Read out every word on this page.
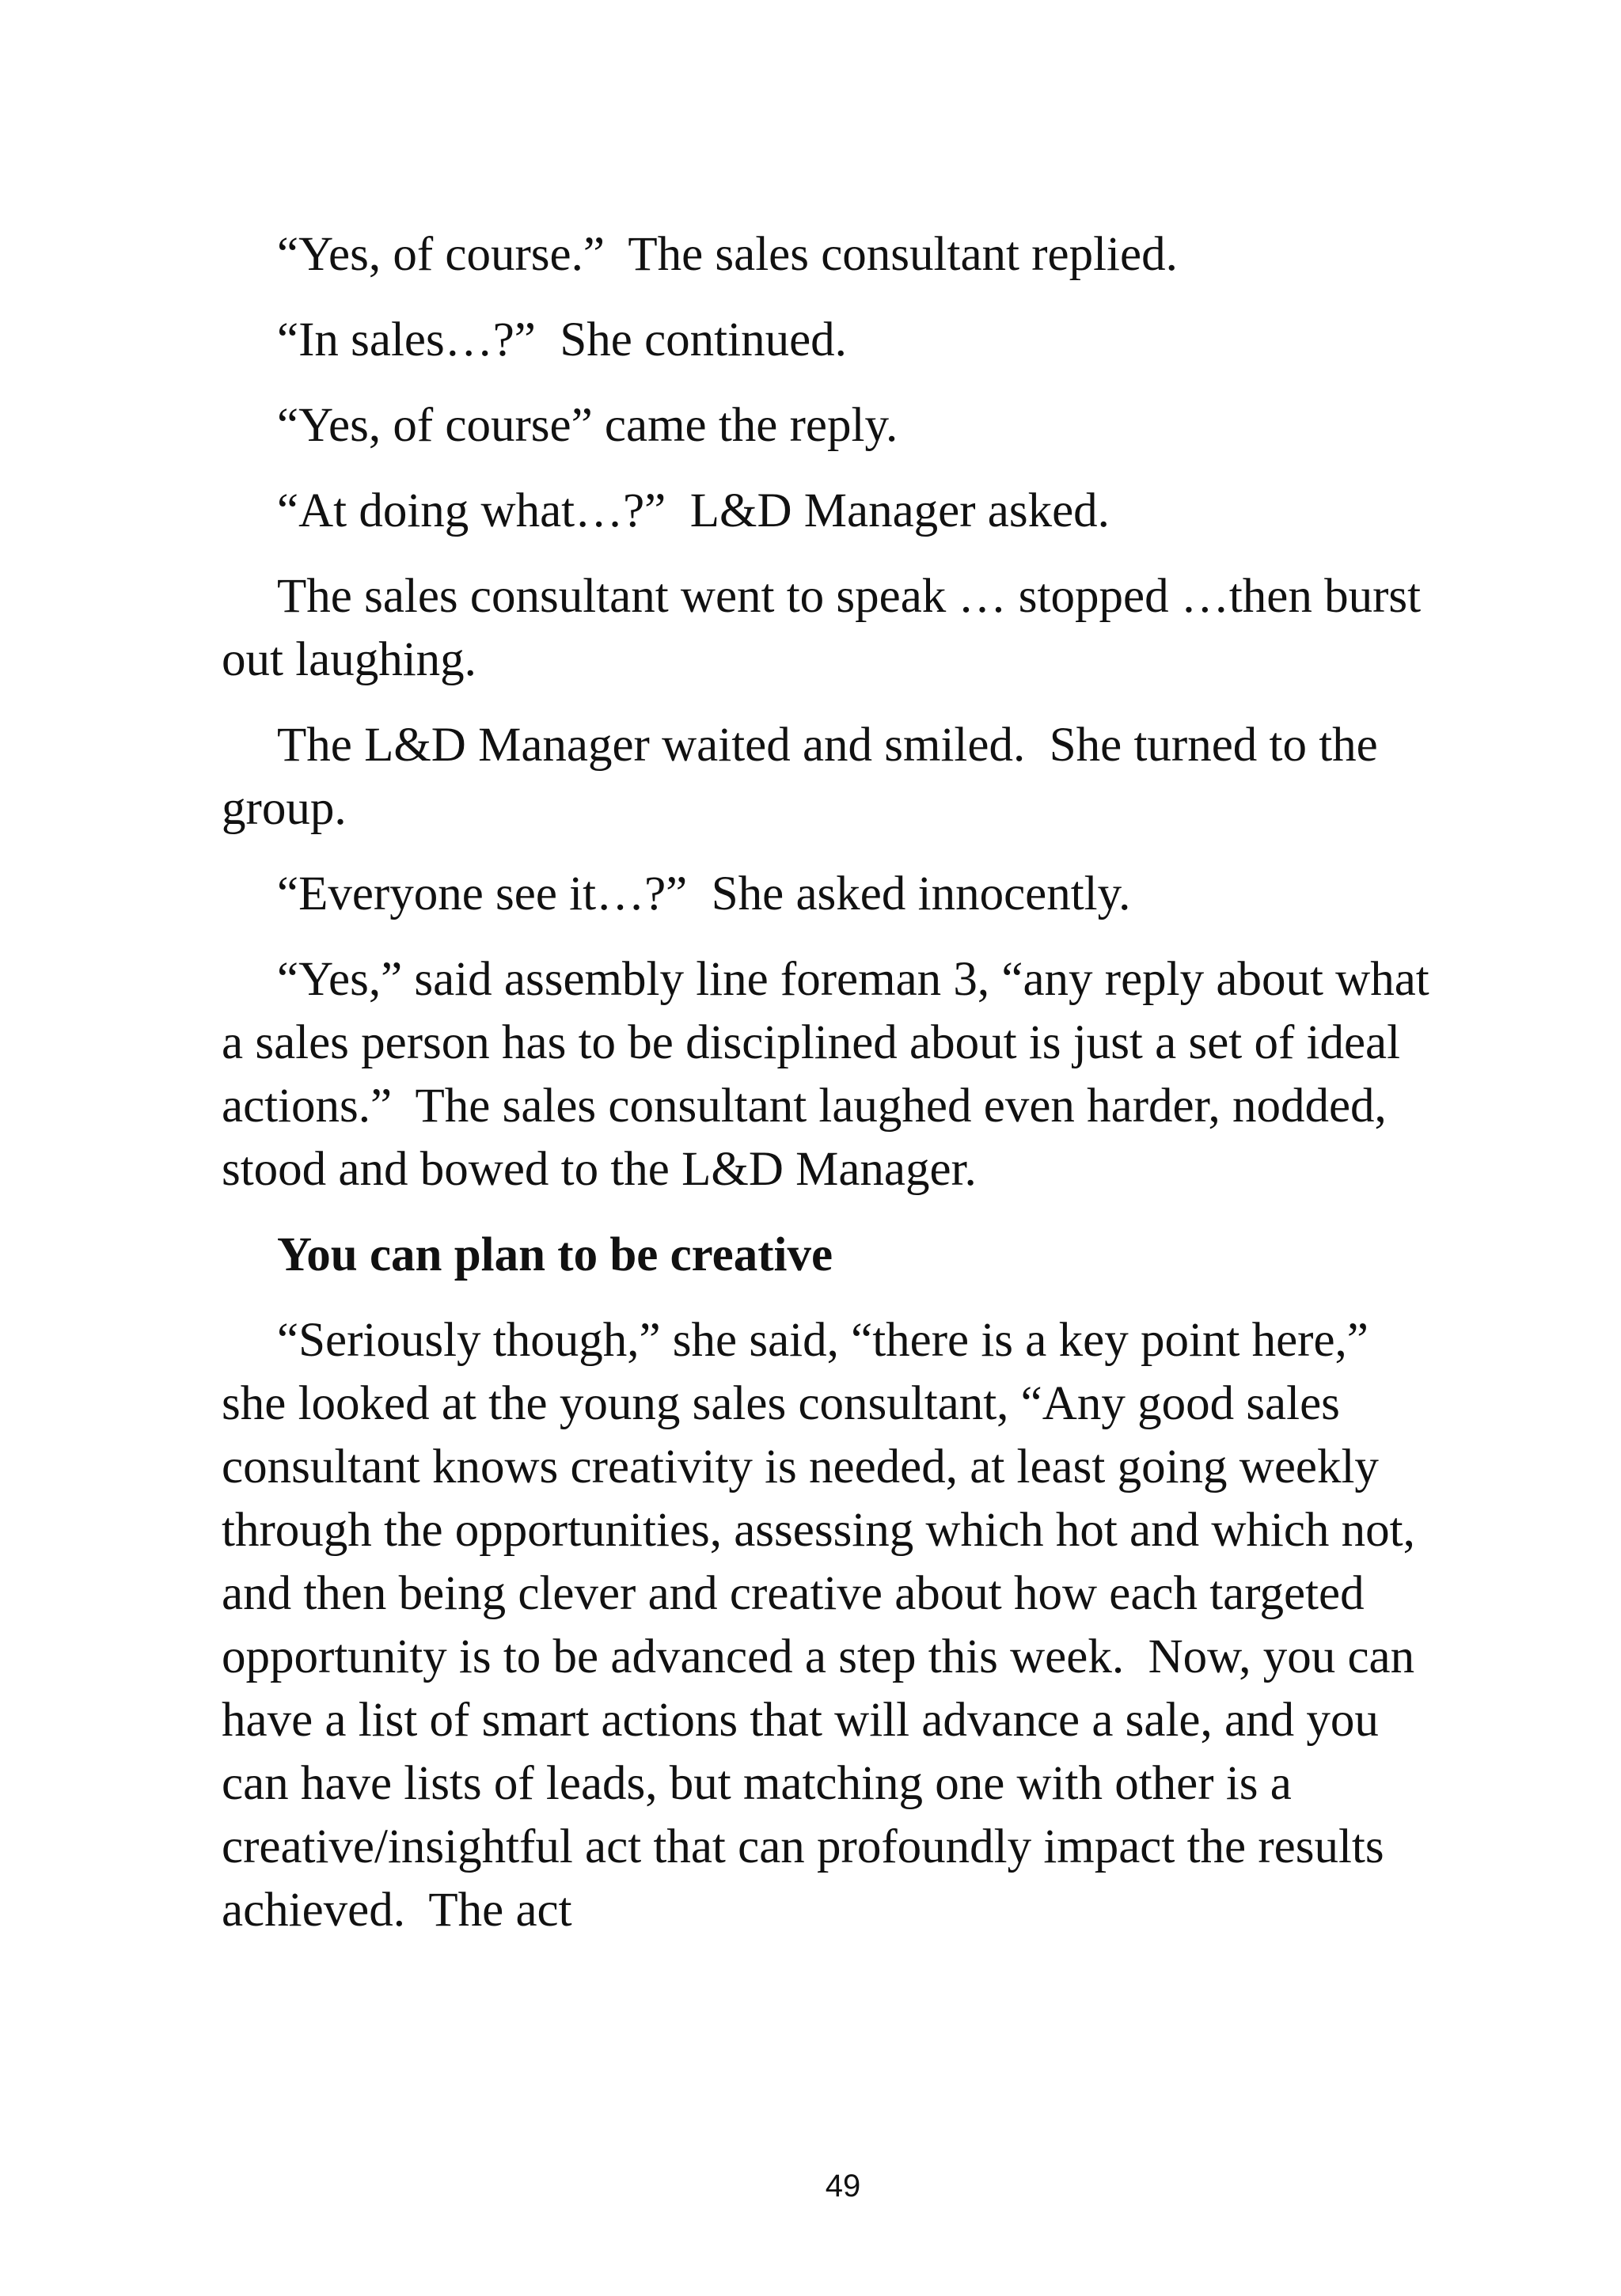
“Yes, of course.”  The sales consultant replied.

“In sales…?”  She continued.

“Yes, of course” came the reply.

“At doing what…?”  L&D Manager asked.

The sales consultant went to speak … stopped …then burst out laughing.

The L&D Manager waited and smiled.  She turned to the group.

“Everyone see it…?”  She asked innocently.

“Yes,” said assembly line foreman 3, “any reply about what a sales person has to be disciplined about is just a set of ideal actions.”  The sales consultant laughed even harder, nodded, stood and bowed to the L&D Manager.

You can plan to be creative

“Seriously though,” she said, “there is a key point here,” she looked at the young sales consultant, “Any good sales consultant knows creativity is needed, at least going weekly through the opportunities, assessing which hot and which not, and then being clever and creative about how each targeted opportunity is to be advanced a step this week.  Now, you can have a list of smart actions that will advance a sale, and you can have lists of leads, but matching one with other is a creative/insightful act that can profoundly impact the results achieved.  The act

49
